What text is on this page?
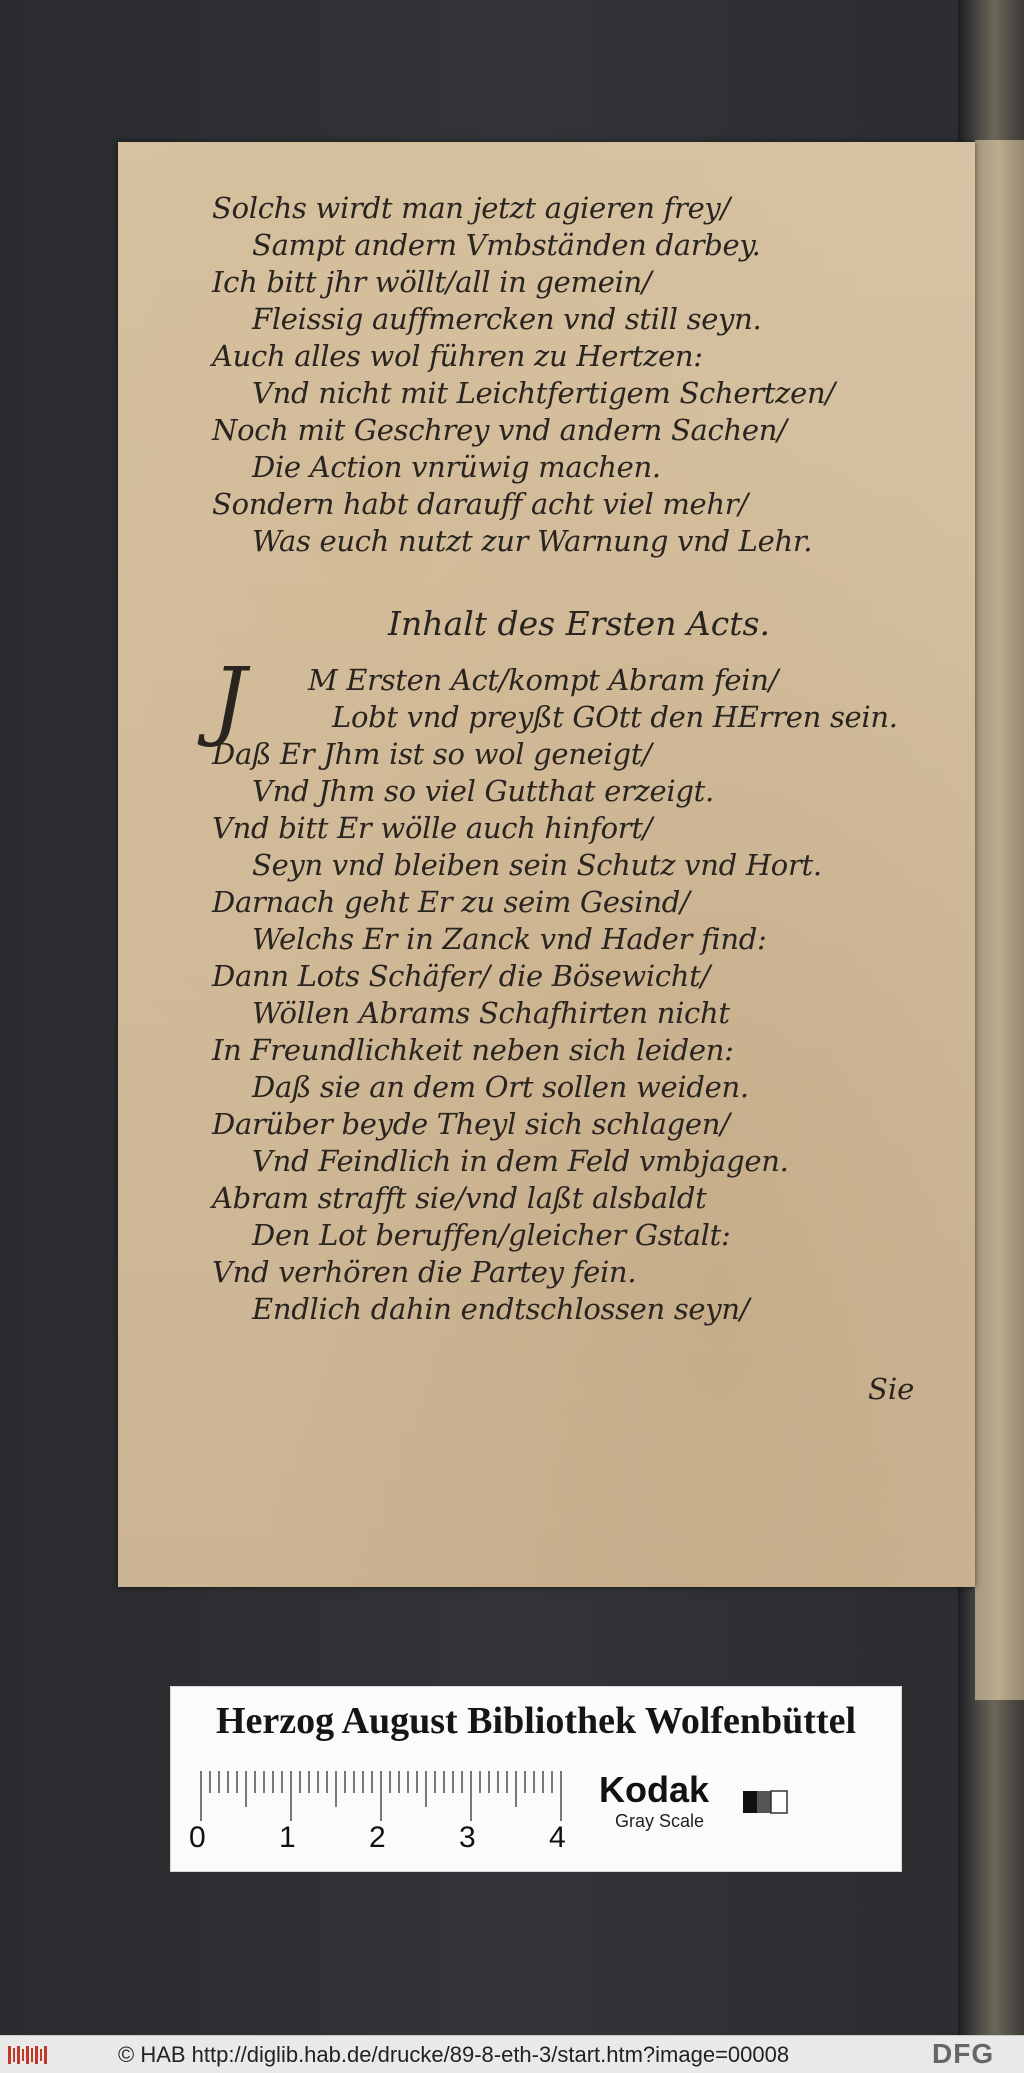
Solchs wirdt man jetzt agieren frey/
Sampt andern Vmbständen darbey.
Ich bitt jhr wöllt/all in gemein/
Fleissig auffmercken vnd still seyn.
Auch alles wol führen zu Hertzen:
Vnd nicht mit Leichtfertigem Schertzen/
Noch mit Geschrey vnd andern Sachen/
Die Action vnrüwig machen.
Sondern habt darauff acht viel mehr/
Was euch nutzt zur Warnung vnd Lehr.
Inhalt des Ersten Acts.
J	M Ersten Act/kompt Abram fein/
Lobt vnd preyßt GOtt den HErren sein.
Daß Er Jhm ist so wol geneigt/
Vnd Jhm so viel Gutthat erzeigt.
Vnd bitt Er wölle auch hinfort/
Seyn vnd bleiben sein Schutz vnd Hort.
Darnach geht Er zu seim Gesind/
Welchs Er in Zanck vnd Hader find:
Dann Lots Schäfer/ die Bösewicht/
Wöllen Abrams Schafhirten nicht
In Freundlichkeit neben sich leiden:
Daß sie an dem Ort sollen weiden.
Darüber beyde Theyl sich schlagen/
Vnd Feindlich in dem Feld vmbjagen.
Abram strafft sie/vnd laßt alsbaldt
Den Lot beruffen/gleicher Gstalt:
Vnd verhören die Partey fein.
Endlich dahin endtschlossen seyn/
Sie
Herzog August Bibliothek Wolfenbüttel
0 1 2 3 4
Kodak
Gray Scale
© HAB http://diglib.hab.de/drucke/89-8-eth-3/start.htm?image=00008	DFG
